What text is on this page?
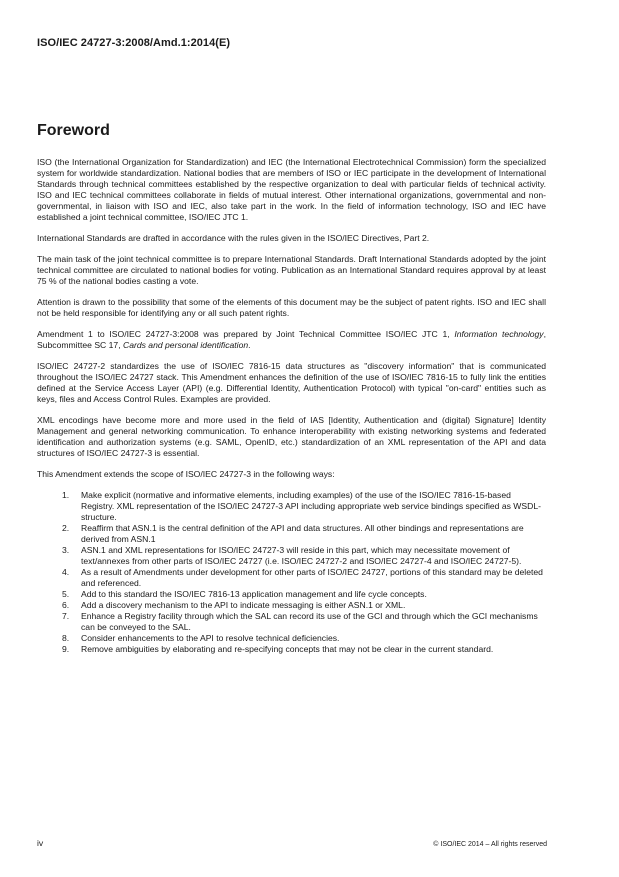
ISO/IEC 24727-3:2008/Amd.1:2014(E)
Foreword

ISO (the International Organization for Standardization) and IEC (the International Electrotechnical Commission) form the specialized system for worldwide standardization. National bodies that are members of ISO or IEC participate in the development of International Standards through technical committees established by the respective organization to deal with particular fields of technical activity. ISO and IEC technical committees collaborate in fields of mutual interest. Other international organizations, governmental and non-governmental, in liaison with ISO and IEC, also take part in the work. In the field of information technology, ISO and IEC have established a joint technical committee, ISO/IEC JTC 1.

International Standards are drafted in accordance with the rules given in the ISO/IEC Directives, Part 2.

The main task of the joint technical committee is to prepare International Standards. Draft International Standards adopted by the joint technical committee are circulated to national bodies for voting. Publication as an International Standard requires approval by at least 75 % of the national bodies casting a vote.

Attention is drawn to the possibility that some of the elements of this document may be the subject of patent rights. ISO and IEC shall not be held responsible for identifying any or all such patent rights.

Amendment 1 to ISO/IEC 24727-3:2008 was prepared by Joint Technical Committee ISO/IEC JTC 1, Information technology, Subcommittee SC 17, Cards and personal identification.

ISO/IEC 24727-2 standardizes the use of ISO/IEC 7816-15 data structures as "discovery information" that is communicated throughout the ISO/IEC 24727 stack. This Amendment enhances the definition of the use of ISO/IEC 7816-15 to fully link the entities defined at the Service Access Layer (API) (e.g. Differential Identity, Authentication Protocol) with typical "on-card" entities such as keys, files and Access Control Rules. Examples are provided.

XML encodings have become more and more used in the field of IAS [Identity, Authentication and (digital) Signature] Identity Management and general networking communication. To enhance interoperability with existing networking systems and federated identification and authorization systems (e.g. SAML, OpenID, etc.) standardization of an XML representation of the API and data structures of ISO/IEC 24727-3 is essential.

This Amendment extends the scope of ISO/IEC 24727-3 in the following ways:

1. Make explicit (normative and informative elements, including examples) of the use of the ISO/IEC 7816-15-based Registry. XML representation of the ISO/IEC 24727-3 API including appropriate web service bindings specified as WSDL-structure.
2. Reaffirm that ASN.1 is the central definition of the API and data structures. All other bindings and representations are derived from ASN.1
3. ASN.1 and XML representations for ISO/IEC 24727-3 will reside in this part, which may necessitate movement of text/annexes from other parts of ISO/IEC 24727 (i.e. ISO/IEC 24727-2 and ISO/IEC 24727-4 and ISO/IEC 24727-5).
4. As a result of Amendments under development for other parts of ISO/IEC 24727, portions of this standard may be deleted and referenced.
5. Add to this standard the ISO/IEC 7816-13 application management and life cycle concepts.
6. Add a discovery mechanism to the API to indicate messaging is either ASN.1 or XML.
7. Enhance a Registry facility through which the SAL can record its use of the GCI and through which the GCI mechanisms can be conveyed to the SAL.
8. Consider enhancements to the API to resolve technical deficiencies.
9. Remove ambiguities by elaborating and re-specifying concepts that may not be clear in the current standard.
iv	© ISO/IEC 2014 – All rights reserved
